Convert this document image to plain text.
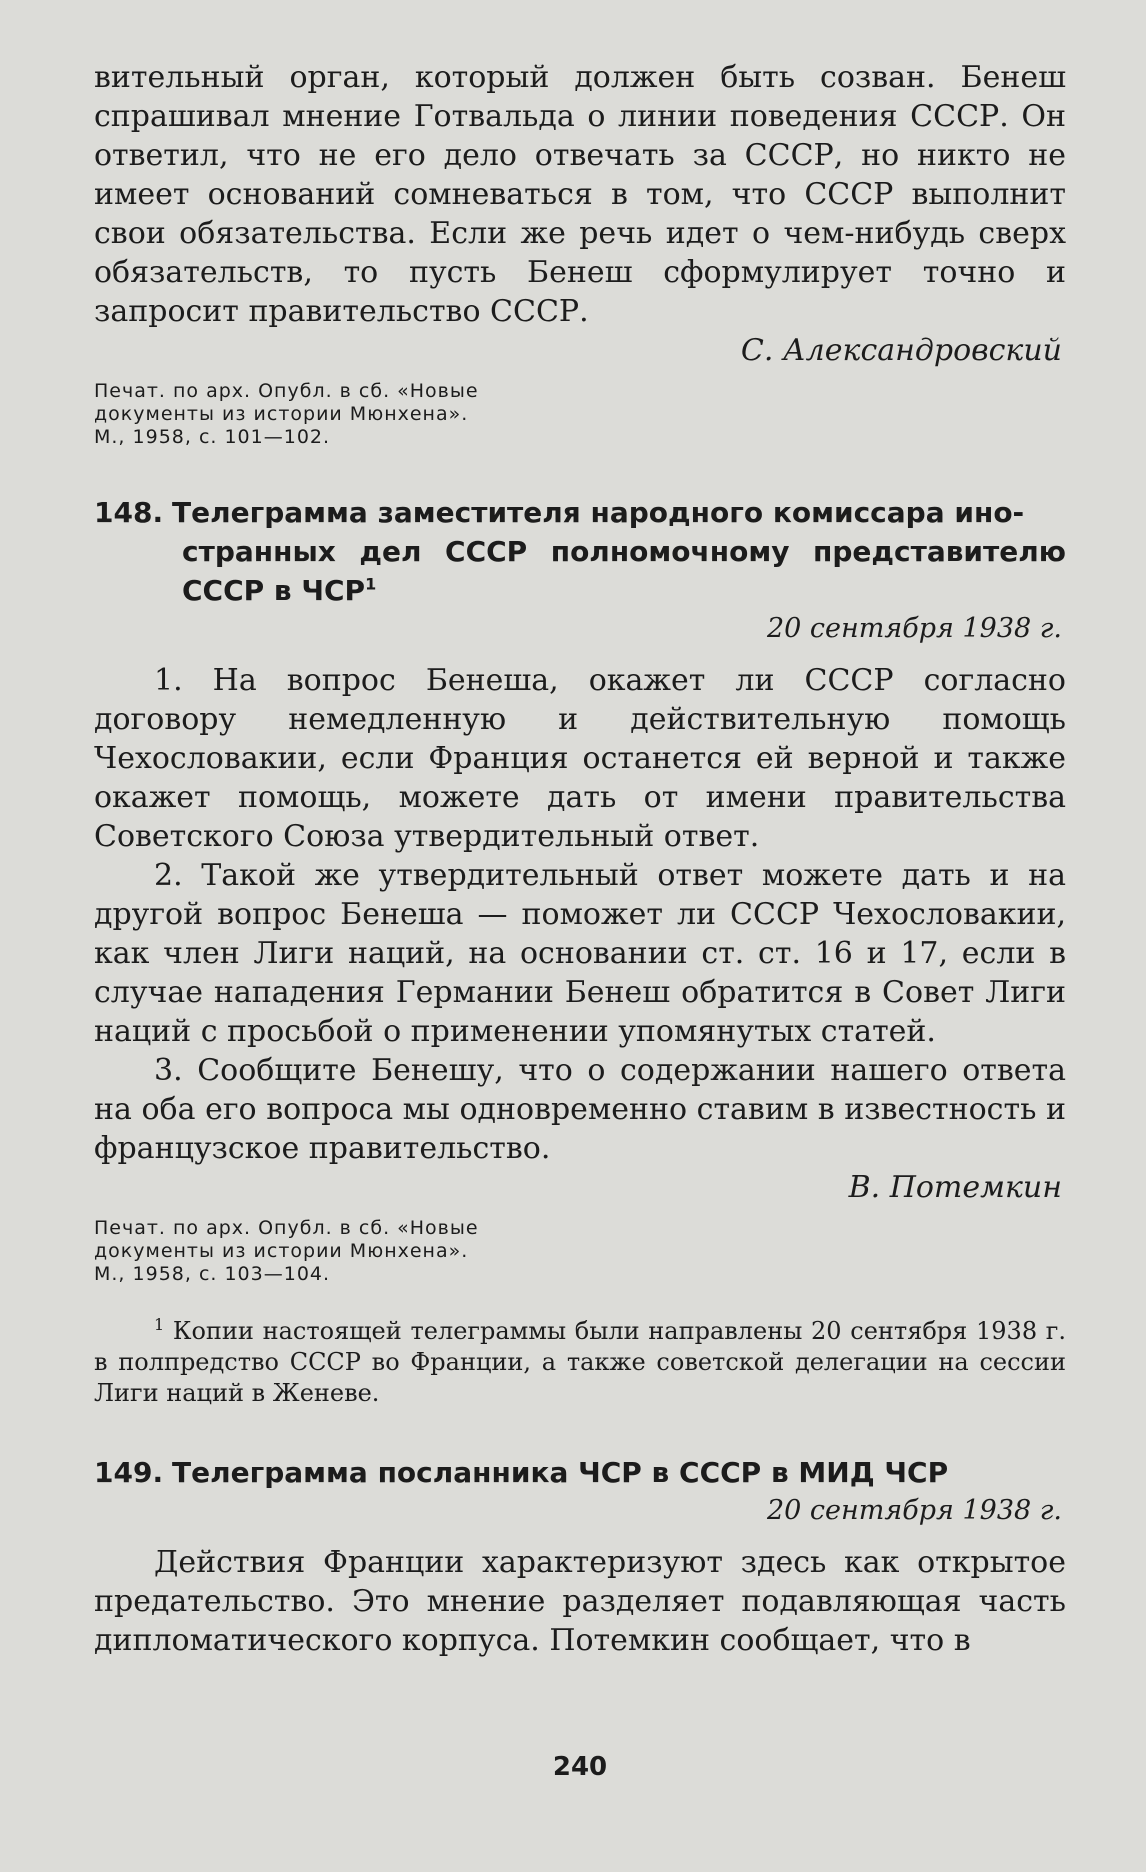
вительный орган, который должен быть созван. Бенеш спрашивал мнение Готвальда о линии поведения СССР. Он ответил, что не его дело отвечать за СССР, но никто не имеет оснований сомневаться в том, что СССР выполнит свои обязательства. Если же речь идет о чем-нибудь сверх обязательств, то пусть Бенеш сформулирует точно и запросит правительство СССР.

С. Александровский

Печат. по арх. Опубл. в сб. «Новые документы из истории Мюнхена». М., 1958, с. 101—102.

148. Телеграмма заместителя народного комиссара ино-
странных дел СССР полномочному представителю СССР в ЧСР$^1$

20 сентября 1938 г.

1. На вопрос Бенеша, окажет ли СССР согласно договору немедленную и действительную помощь Чехословакии, если Франция останется ей верной и также окажет помощь, можете дать от имени правительства Советского Союза утвердительный ответ.

2. Такой же утвердительный ответ можете дать и на другой вопрос Бенеша — поможет ли СССР Чехословакии, как член Лиги наций, на основании ст. ст. 16 и 17, если в случае нападения Германии Бенеш обратится в Совет Лиги наций с просьбой о применении упомянутых статей.

3. Сообщите Бенешу, что о содержании нашего ответа на оба его вопроса мы одновременно ставим в известность и французское правительство.

В. Потемкин

Печат. по арх. Опубл. в сб. «Новые документы из истории Мюнхена». М., 1958, с. 103—104.

$^1$ Копии настоящей телеграммы были направлены 20 сентября 1938 г. в полпредство СССР во Франции, а также советской делегации на сессии Лиги наций в Женеве.

149. Телеграмма посланника ЧСР в СССР в МИД ЧСР

20 сентября 1938 г.

Действия Франции характеризуют здесь как открытое предательство. Это мнение разделяет подавляющая часть дипломатического корпуса. Потемкин сообщает, что в

240
